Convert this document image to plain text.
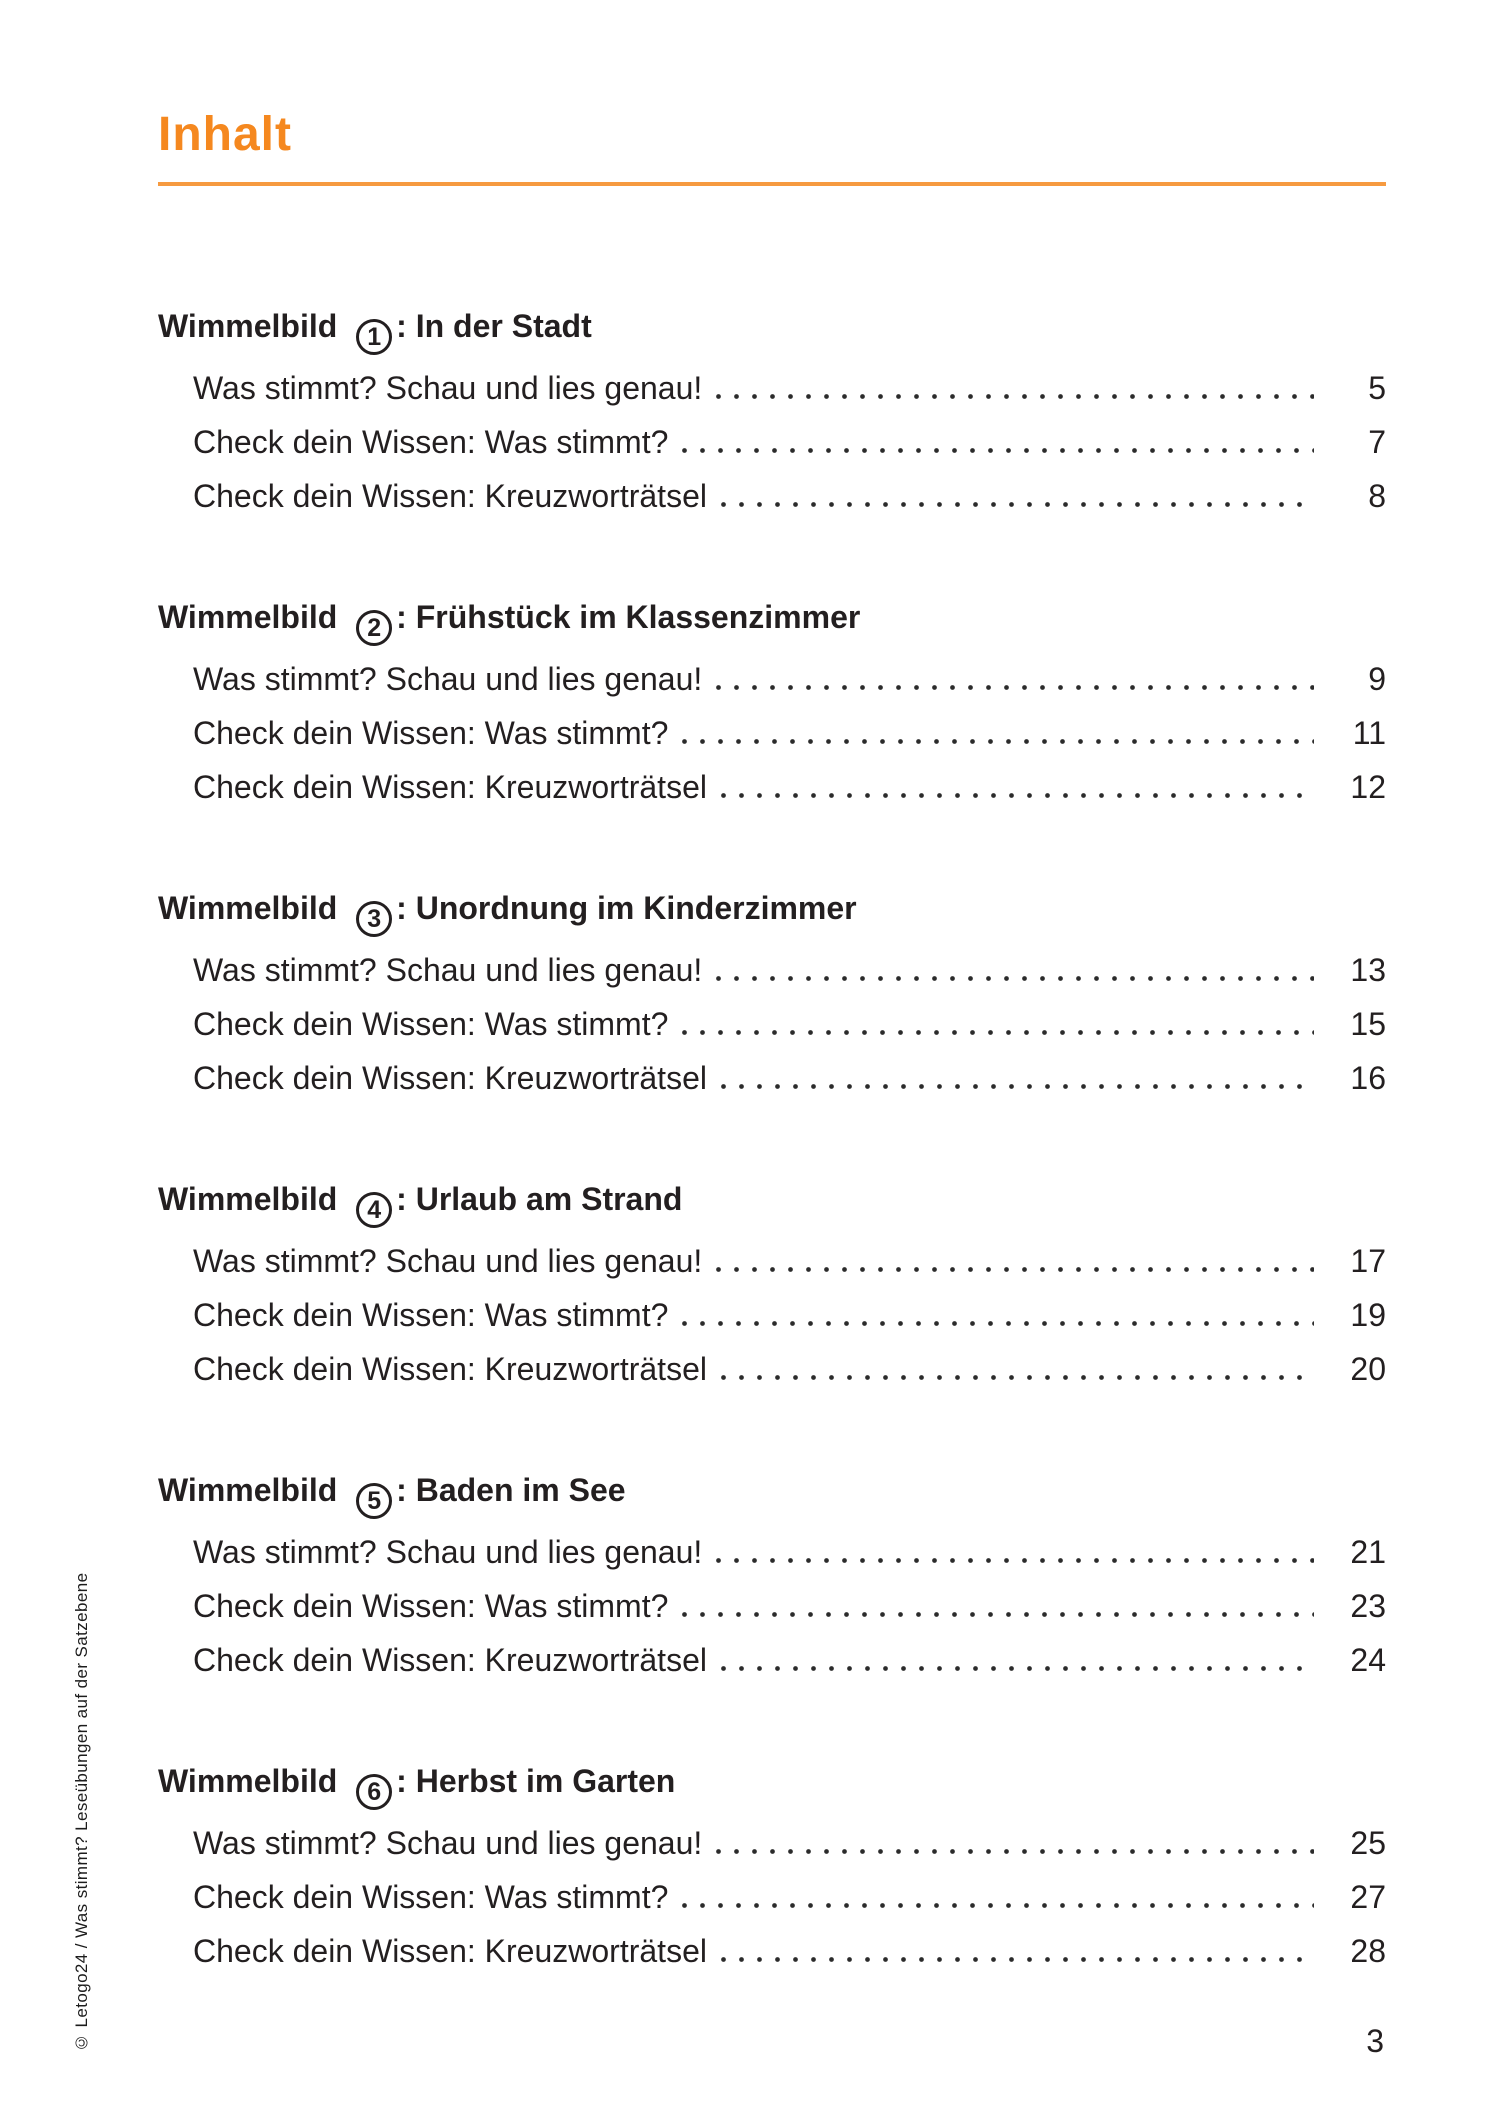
© Letogo24 / Was stimmt? Leseübungen auf der Satzebene
Inhalt
Wimmelbild 1 : In der Stadt
Was stimmt? Schau und lies genau!	5
Check dein Wissen: Was stimmt?	7
Check dein Wissen: Kreuzworträtsel	8
Wimmelbild 2 : Frühstück im Klassenzimmer
Was stimmt? Schau und lies genau!	9
Check dein Wissen: Was stimmt?	11
Check dein Wissen: Kreuzworträtsel	12
Wimmelbild 3 : Unordnung im Kinderzimmer
Was stimmt? Schau und lies genau!	13
Check dein Wissen: Was stimmt?	15
Check dein Wissen: Kreuzworträtsel	16
Wimmelbild 4 : Urlaub am Strand
Was stimmt? Schau und lies genau!	17
Check dein Wissen: Was stimmt?	19
Check dein Wissen: Kreuzworträtsel	20
Wimmelbild 5 : Baden im See
Was stimmt? Schau und lies genau!	21
Check dein Wissen: Was stimmt?	23
Check dein Wissen: Kreuzworträtsel	24
Wimmelbild 6 : Herbst im Garten
Was stimmt? Schau und lies genau!	25
Check dein Wissen: Was stimmt?	27
Check dein Wissen: Kreuzworträtsel	28
3
